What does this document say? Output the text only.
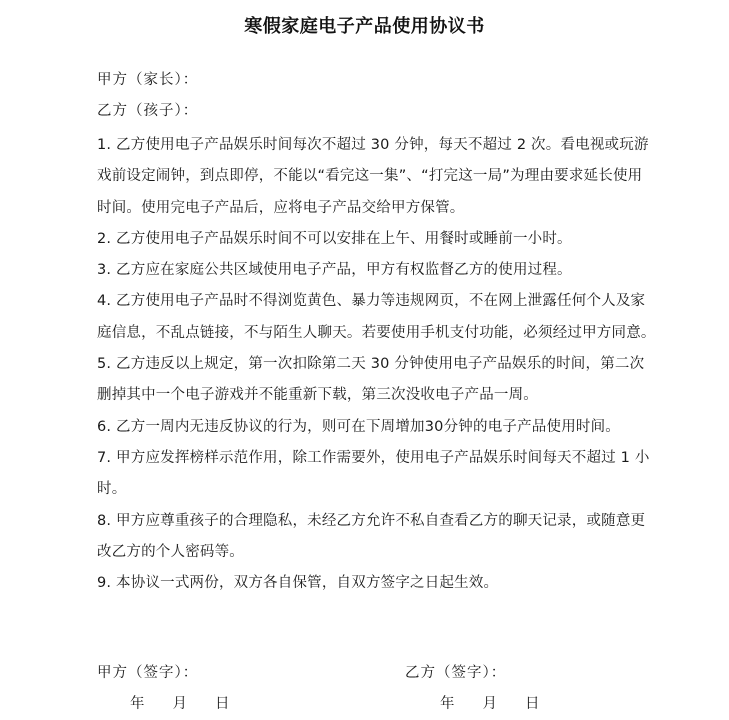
寒假家庭电子产品使用协议书
甲方（家长）：
乙方（孩子）：

1. 乙方使用电子产品娱乐时间每次不超过 30 分钟，每天不超过 2 次。看电视或玩游戏前设定闹钟，到点即停，不能以“看完这一集”、“打完这一局”为理由要求延长使用时间。使用完电子产品后，应将电子产品交给甲方保管。

2. 乙方使用电子产品娱乐时间不可以安排在上午、用餐时或睡前一小时。

3. 乙方应在家庭公共区域使用电子产品，甲方有权监督乙方的使用过程。

4. 乙方使用电子产品时不得浏览黄色、暴力等违规网页，不在网上泄露任何个人及家庭信息，不乱点链接，不与陌生人聊天。若要使用手机支付功能，必须经过甲方同意。

5. 乙方违反以上规定，第一次扣除第二天 30 分钟使用电子产品娱乐的时间，第二次删掉其中一个电子游戏并不能重新下载，第三次没收电子产品一周。

6. 乙方一周内无违反协议的行为，则可在下周增加30分钟的电子产品使用时间。

7. 甲方应发挥榜样示范作用，除工作需要外，使用电子产品娱乐时间每天不超过 1 小时。

8. 甲方应尊重孩子的合理隐私，未经乙方允许不私自查看乙方的聊天记录，或随意更改乙方的个人密码等。

9. 本协议一式两份，双方各自保管，自双方签字之日起生效。

甲方（签字）：	乙方（签字）：
年 月 日	年 月 日
